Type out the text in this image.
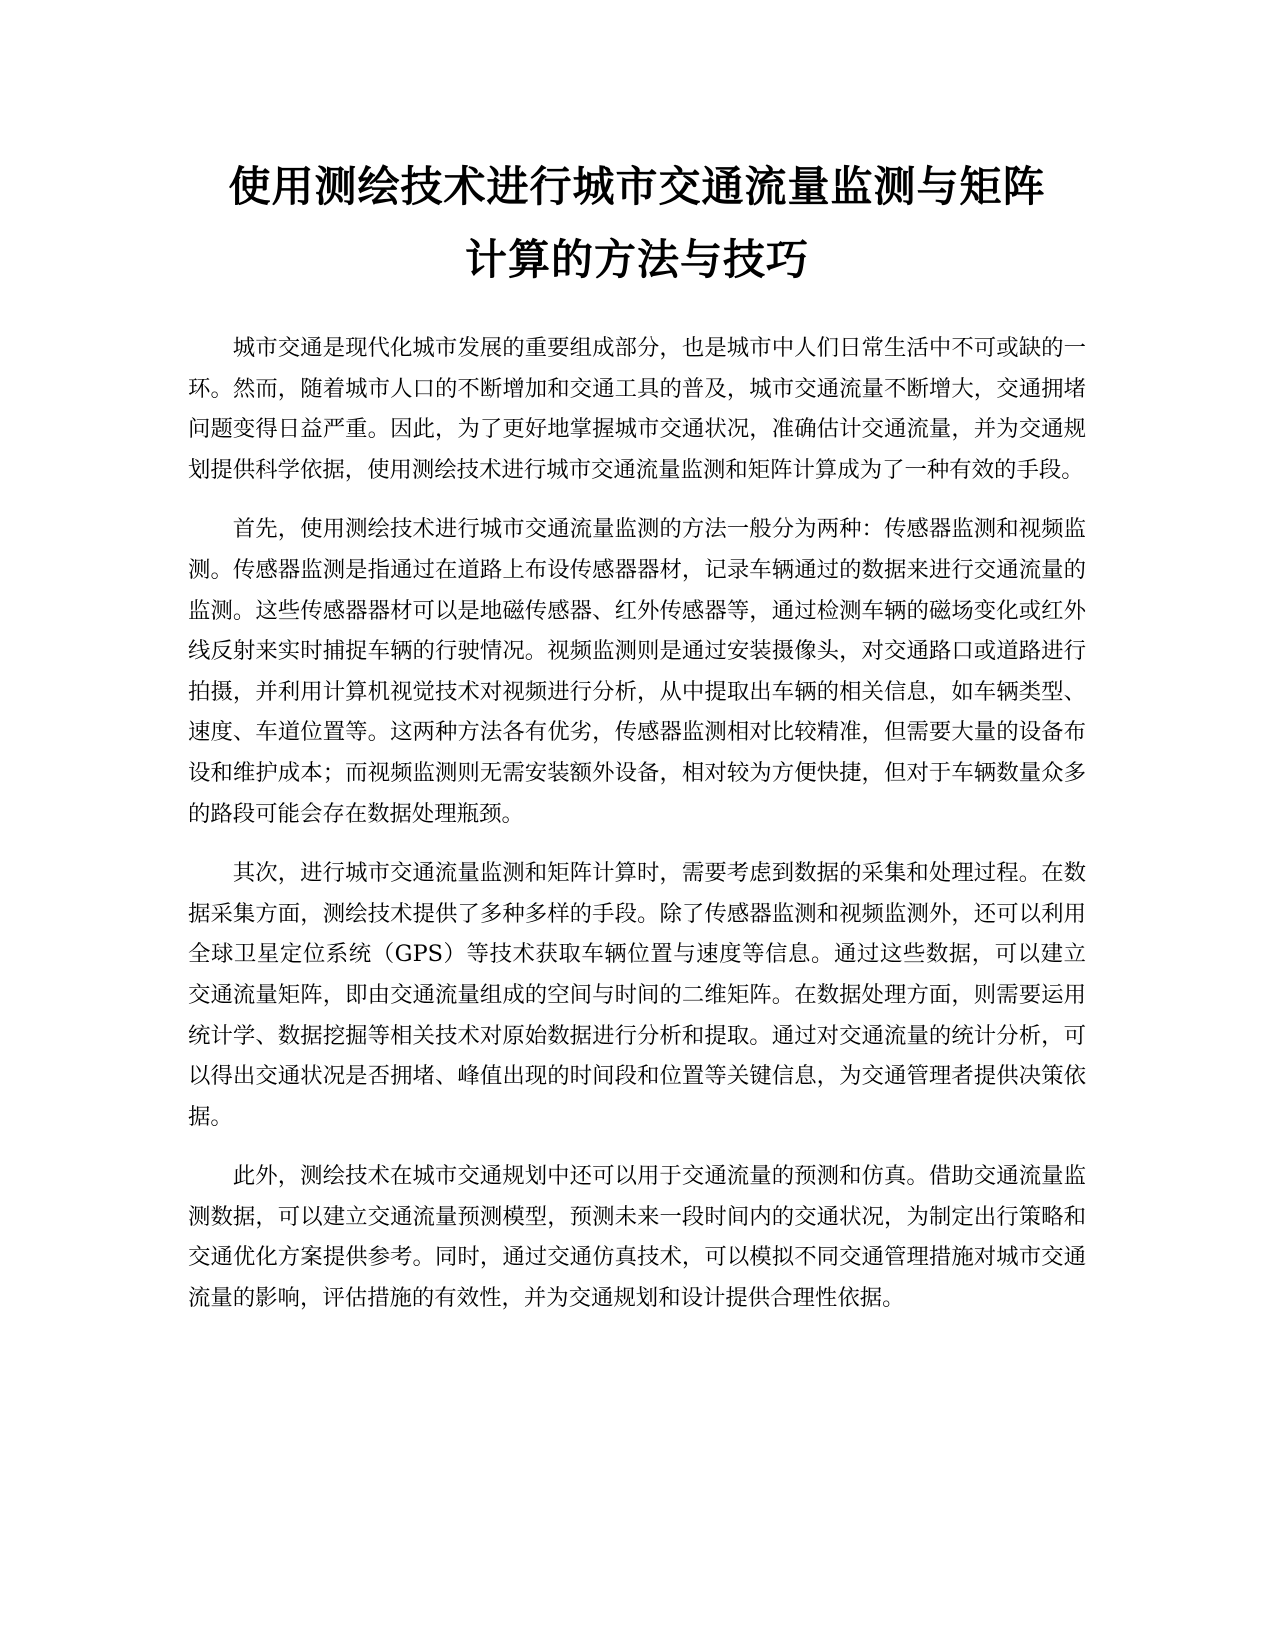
使用测绘技术进行城市交通流量监测与矩阵
计算的方法与技巧

城市交通是现代化城市发展的重要组成部分，也是城市中人们日常生活中不可或缺的一环。然而，随着城市人口的不断增加和交通工具的普及，城市交通流量不断增大，交通拥堵问题变得日益严重。因此，为了更好地掌握城市交通状况，准确估计交通流量，并为交通规划提供科学依据，使用测绘技术进行城市交通流量监测和矩阵计算成为了一种有效的手段。

首先，使用测绘技术进行城市交通流量监测的方法一般分为两种：传感器监测和视频监测。传感器监测是指通过在道路上布设传感器器材，记录车辆通过的数据来进行交通流量的监测。这些传感器器材可以是地磁传感器、红外传感器等，通过检测车辆的磁场变化或红外线反射来实时捕捉车辆的行驶情况。视频监测则是通过安装摄像头，对交通路口或道路进行拍摄，并利用计算机视觉技术对视频进行分析，从中提取出车辆的相关信息，如车辆类型、速度、车道位置等。这两种方法各有优劣，传感器监测相对比较精准，但需要大量的设备布设和维护成本；而视频监测则无需安装额外设备，相对较为方便快捷，但对于车辆数量众多的路段可能会存在数据处理瓶颈。

其次，进行城市交通流量监测和矩阵计算时，需要考虑到数据的采集和处理过程。在数据采集方面，测绘技术提供了多种多样的手段。除了传感器监测和视频监测外，还可以利用全球卫星定位系统（GPS）等技术获取车辆位置与速度等信息。通过这些数据，可以建立交通流量矩阵，即由交通流量组成的空间与时间的二维矩阵。在数据处理方面，则需要运用统计学、数据挖掘等相关技术对原始数据进行分析和提取。通过对交通流量的统计分析，可以得出交通状况是否拥堵、峰值出现的时间段和位置等关键信息，为交通管理者提供决策依据。

此外，测绘技术在城市交通规划中还可以用于交通流量的预测和仿真。借助交通流量监测数据，可以建立交通流量预测模型，预测未来一段时间内的交通状况，为制定出行策略和交通优化方案提供参考。同时，通过交通仿真技术，可以模拟不同交通管理措施对城市交通流量的影响，评估措施的有效性，并为交通规划和设计提供合理性依据。
